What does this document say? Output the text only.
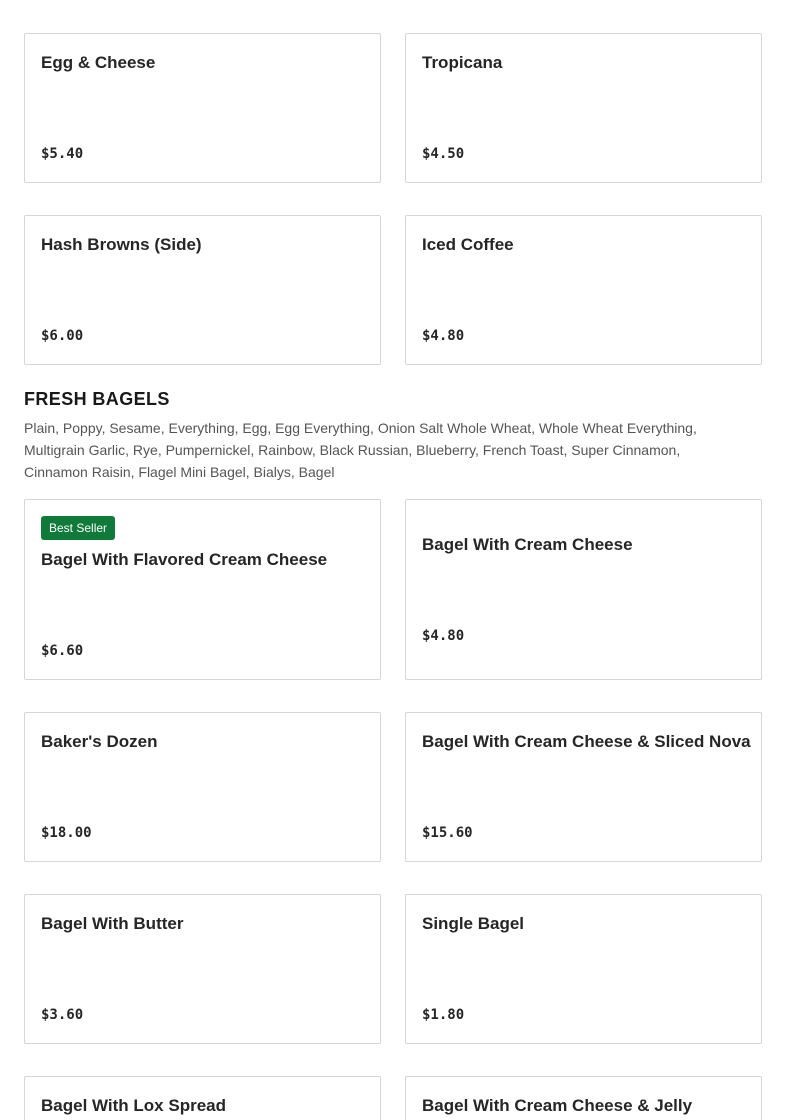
Egg & Cheese
$5.40
Tropicana
$4.50
Hash Browns (Side)
$6.00
Iced Coffee
$4.80
FRESH BAGELS

Plain, Poppy, Sesame, Everything, Egg, Egg Everything, Onion Salt Whole Wheat, Whole Wheat Everything, Multigrain Garlic, Rye, Pumpernickel, Rainbow, Black Russian, Blueberry, French Toast, Super Cinnamon, Cinnamon Raisin, Flagel Mini Bagel, Bialys, Bagel

Best Seller
Bagel With Flavored Cream Cheese
$6.60
Bagel With Cream Cheese
$4.80
Baker's Dozen
$18.00
Bagel With Cream Cheese & Sliced Nova
$15.60
Bagel With Butter
$3.60
Single Bagel
$1.80
Bagel With Lox Spread	Bagel With Cream Cheese & Jelly
